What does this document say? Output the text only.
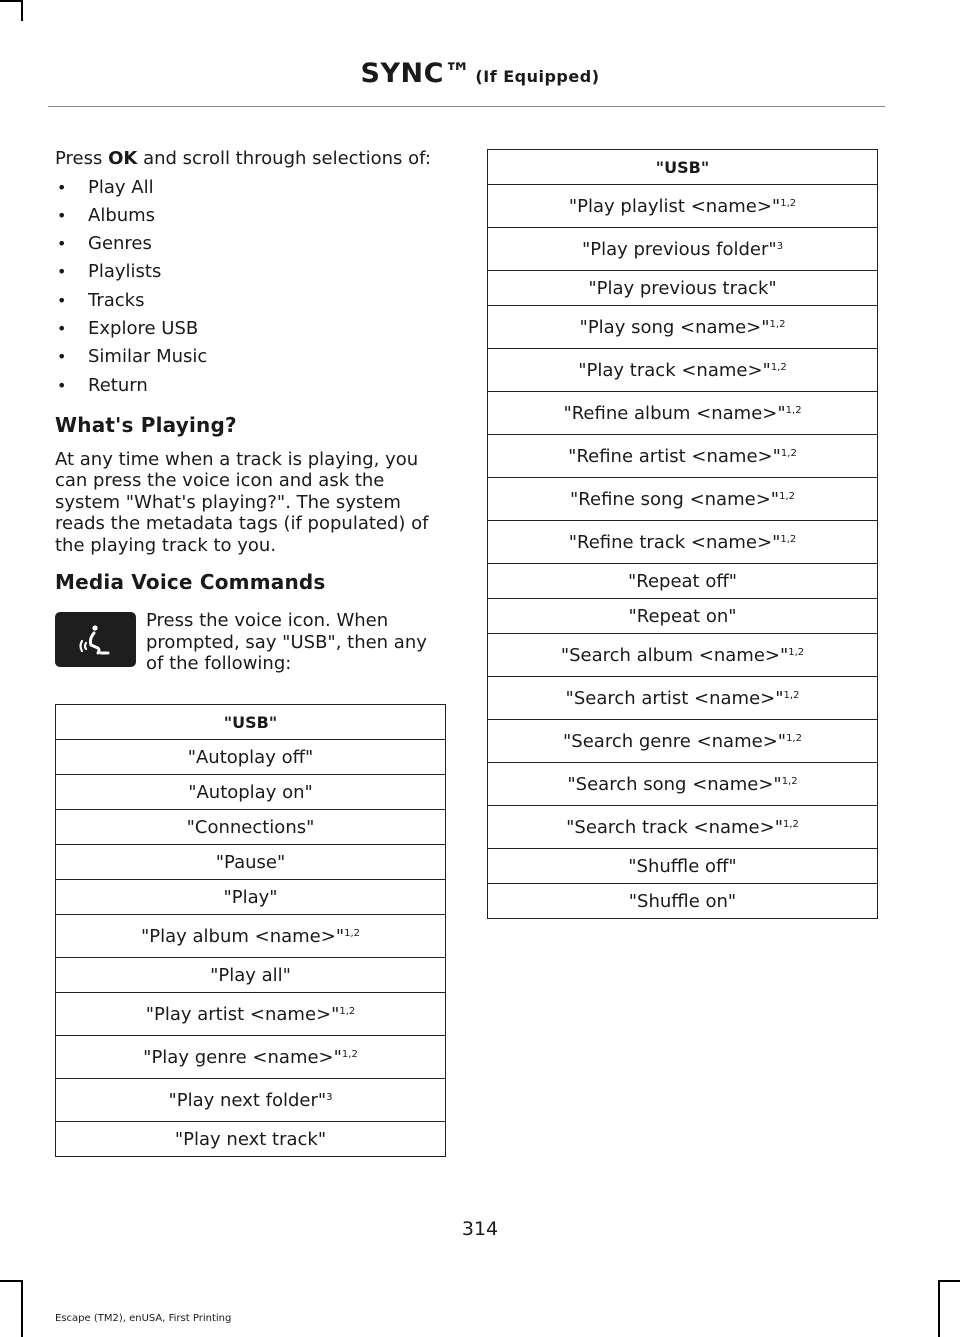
SYNC™ (If Equipped)

Press OK and scroll through selections of:

• Play All
• Albums
• Genres
• Playlists
• Tracks
• Explore USB
• Similar Music
• Return
What's Playing?

At any time when a track is playing, you can press the voice icon and ask the system "What's playing?". The system reads the metadata tags (if populated) of the playing track to you.

Media Voice Commands

Press the voice icon. When prompted, say "USB", then any of the following:

"USB"
"Autoplay off"
"Autoplay on"
"Connections"
"Pause"
"Play"
"Play album <name>"$^{1,2}$
"Play all"
"Play artist <name>"$^{1,2}$
"Play genre <name>"$^{1,2}$
"Play next folder"$^3$
"Play next track"
"USB"
"Play playlist <name>"$^{1,2}$
"Play previous folder"$^3$
"Play previous track"
"Play song <name>"$^{1,2}$
"Play track <name>"$^{1,2}$
"Refine album <name>"$^{1,2}$
"Refine artist <name>"$^{1,2}$
"Refine song <name>"$^{1,2}$
"Refine track <name>"$^{1,2}$
"Repeat off"
"Repeat on"
"Search album <name>"$^{1,2}$
"Search artist <name>"$^{1,2}$
"Search genre <name>"$^{1,2}$
"Search song <name>"$^{1,2}$
"Search track <name>"$^{1,2}$
"Shuffle off"
"Shuffle on"
314
Escape (TM2), enUSA, First Printing
